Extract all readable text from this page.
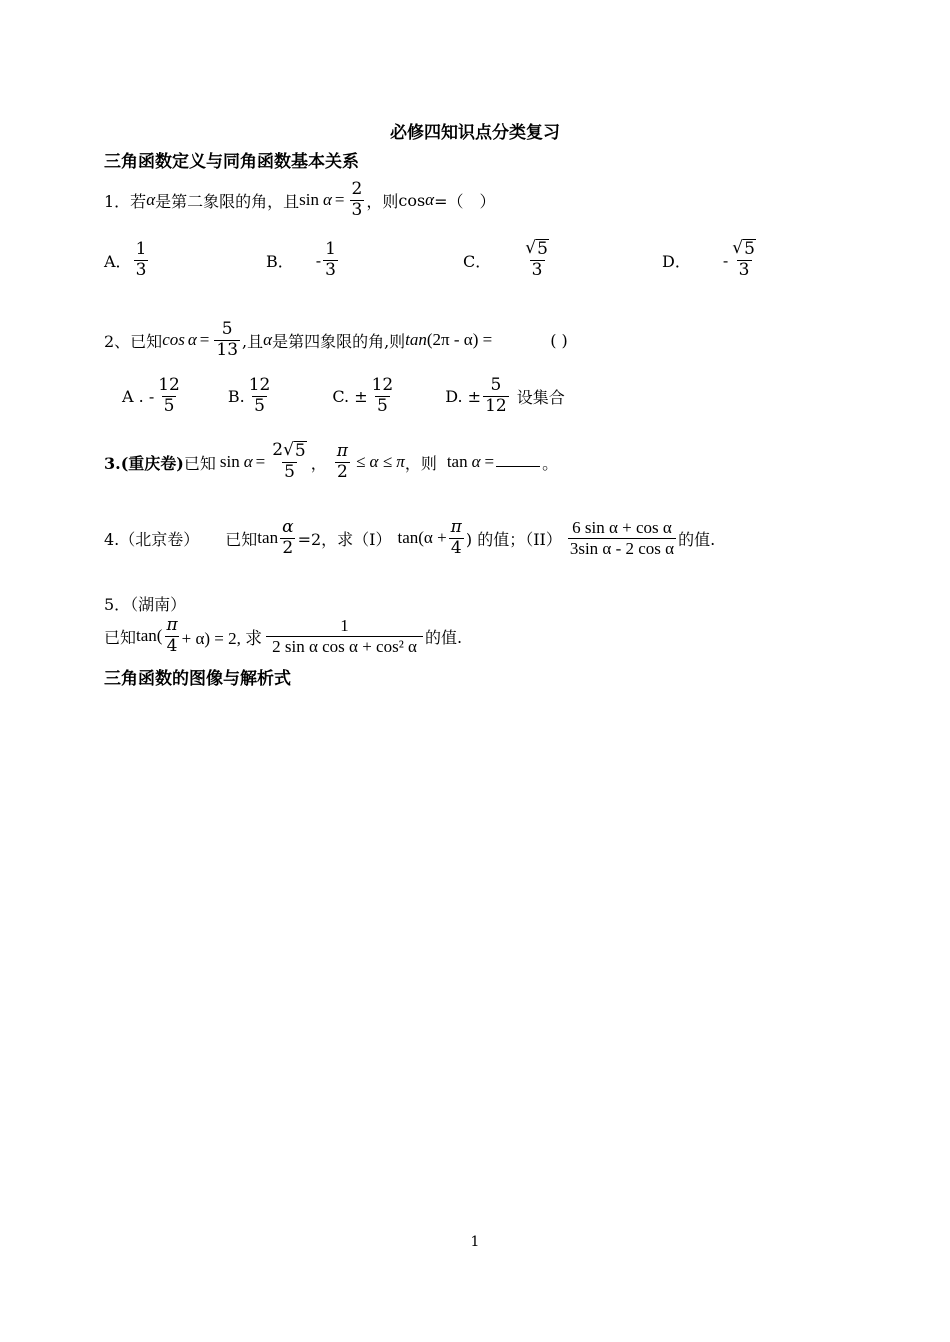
必修四知识点分类复习
三角函数定义与同角函数基本关系
1．若 α 是第二象限的角，且 $\sin \alpha = \frac{2}{3}$ ，则 cos α =（　）
A． $\frac{1}{3}$	B． - $\frac{1}{3}$	C． $\frac{√ 5}{3}$	D． - $\frac{√ 5}{3}$
2、已知 $\cos \alpha = \frac{5}{13}$ ,且 α 是第四象限的角,则 tan (2π - α) =	( )
A . - $\frac{12}{5}$	B. $\frac{12}{5}$	C. ± $\frac{12}{5}$	D. ± $\frac{5}{12}$ 设集合
3.(重庆卷) 已知 $\sin \alpha = \frac{2 √ 5}{5}$ ， $\frac{\pi}{2} \le \alpha \le \pi$ ，则 tan α =	。
4.（北京卷） 已知 $\tan \frac{\alpha}{2} =2$，求（I） $\tan(\alpha + \frac{\pi}{4}$ ) 的值；$(II) \frac{\text{6 sin α + cos α}}{\text{3sin α - 2 cos α}}$ 的值.
5．（湖南）
已知 $\tan( \frac{\pi}{4} + \alpha) = 2$, 求 $\frac{1}{\text{2 sin α cos α + cos² α}}$ 的值.
三角函数的图像与解析式
1
